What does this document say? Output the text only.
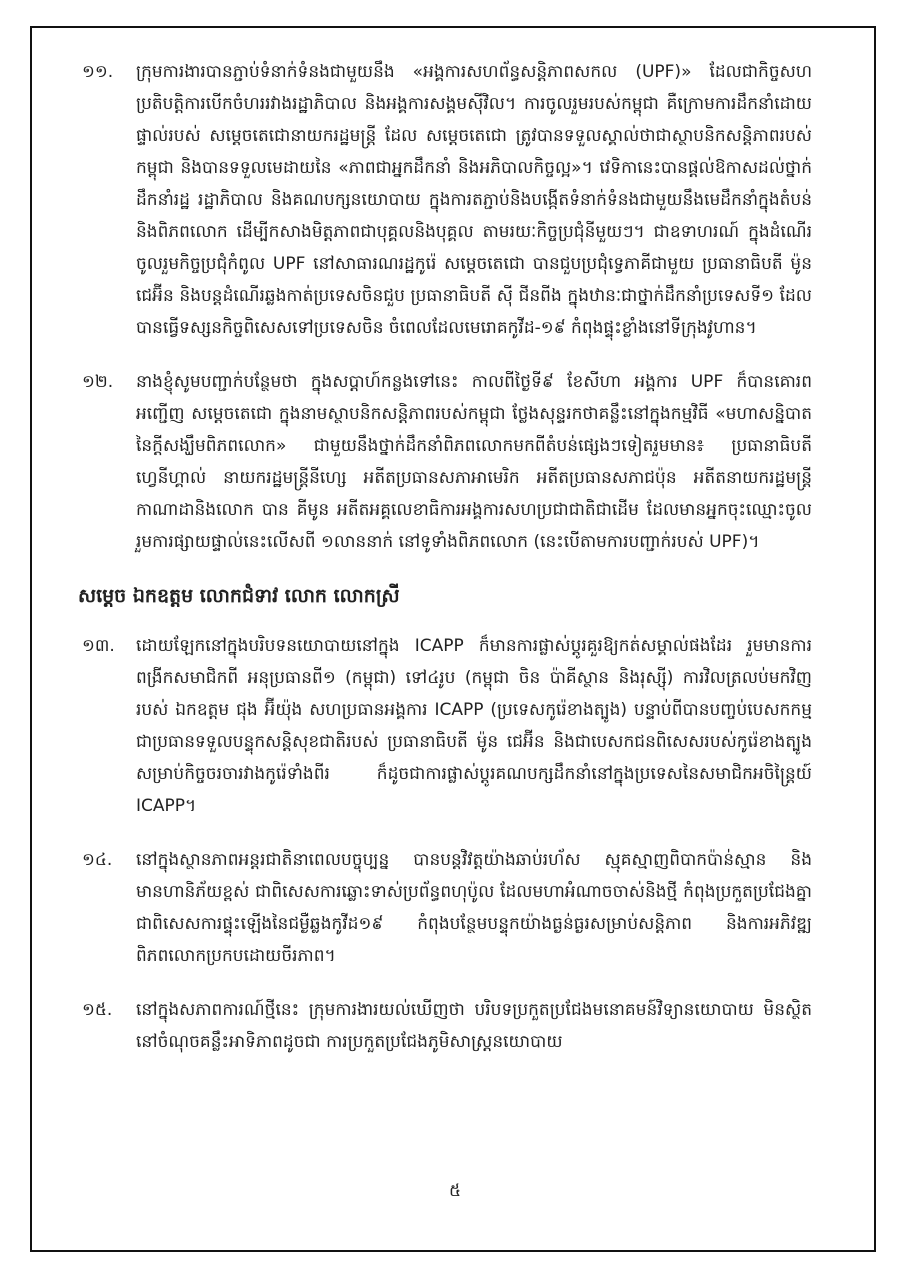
១១.	ក្រុមការងារបានភ្ជាប់ទំនាក់ទំនងជាមួយនឹង «អង្គការសហព័ន្ធសន្តិភាពសកល (UPF)» ដែលជាកិច្ចសហប្រតិបត្តិការបើកចំហររវាងរដ្ឋាភិបាល និងអង្គការសង្គមស៊ីវិល។ ការចូលរួមរបស់កម្ពុជា គឺក្រោមការដឹកនាំដោយផ្ទាល់របស់ សម្តេចតេជោនាយករដ្ឋមន្ត្រី ដែល សម្តេចតេជោ ត្រូវបានទទួលស្គាល់ថាជាស្ថាបនិកសន្តិភាពរបស់កម្ពុជា និងបានទទួលមេដាយនៃ «ភាពជាអ្នកដឹកនាំ និងអភិបាលកិច្ចល្អ»។ វេទិកានេះបានផ្តល់ឱកាសដល់ថ្នាក់ដឹកនាំរដ្ឋ រដ្ឋាភិបាល និងគណបក្សនយោបាយ ក្នុងការតភ្ជាប់និងបង្កើតទំនាក់ទំនងជាមួយនឹងមេដឹកនាំក្នុងតំបន់ និងពិភពលោក ដើម្បីកសាងមិត្តភាពជាបុគ្គលនិងបុគ្គល តាមរយៈកិច្ចប្រជុំនីមួយៗ។ ជាឧទាហរណ៍ ក្នុងដំណើរចូលរួមកិច្ចប្រជុំកំពូល UPF នៅសាធារណរដ្ឋកូរ៉េ សម្តេចតេជោ បានជួបប្រជុំទ្វេភាគីជាមួយ ប្រធានាធិបតី ម៉ូន ជេអ៊ីន និងបន្តដំណើរឆ្លងកាត់ប្រទេសចិនជួប ប្រធានាធិបតី ស៊ី ជីនពីង ក្នុងឋានៈជាថ្នាក់ដឹកនាំប្រទេសទី១ ដែលបានធ្វើទស្សនកិច្ចពិសេសទៅប្រទេសចិន ចំពេលដែលមេរោគកូវីដ-១៩ កំពុងផ្ទុះខ្លាំងនៅទីក្រុងវូហាន។
១២.	នាងខ្ញុំសូមបញ្ជាក់បន្ថែមថា ក្នុងសប្តាហ៍កន្លងទៅនេះ កាលពីថ្ងៃទី៩ ខែសីហា អង្គការ UPF ក៏បានគោរពអញ្ជើញ សម្តេចតេជោ ក្នុងនាមស្ថាបនិកសន្តិភាពរបស់កម្ពុជា ថ្លែងសុន្ទរកថាគន្លឹះនៅក្នុងកម្មវិធី «មហាសន្និបាតនៃក្តីសង្ឃឹមពិភពលោក» ជាមួយនឹងថ្នាក់ដឹកនាំពិភពលោកមកពីតំបន់ផ្សេងៗទៀតរួមមាន៖ ប្រធានាធិបតីហ្វេនីហ្គាល់ នាយករដ្ឋមន្ត្រីនីហ្សេ អតីតប្រធានសភាអាមេរិក អតីតប្រធានសភាជប៉ុន អតីតនាយករដ្ឋមន្ត្រីកាណាដានិងលោក បាន គីមូន អតីតអគ្គលេខាធិការអង្គការសហប្រជាជាតិជាដើម ដែលមានអ្នកចុះឈ្មោះចូលរួមការផ្សាយផ្ទាល់នេះលើសពី ១លាននាក់ នៅទូទាំងពិភពលោក (នេះបើតាមការបញ្ជាក់របស់ UPF)។
សម្តេច ឯកឧត្តម លោកជំទាវ លោក លោកស្រី
១៣.	ដោយឡែកនៅក្នុងបរិបទនយោបាយនៅក្នុង ICAPP ក៏មានការផ្លាស់ប្តូរគួរឱ្យកត់សម្គាល់ផងដែរ រួមមានការពង្រីកសមាជិកពី អនុប្រធានពី១ (កម្ពុជា) ទៅ៤រូប (កម្ពុជា ចិន ប៉ាគីស្ថាន និងរុស្ស៊ី) ការវិលត្រលប់មកវិញរបស់ ឯកឧត្តម ជុង អ៊ីយ៉ុង សហប្រធានអង្គការ ICAPP (ប្រទេសកូរ៉េខាងត្បូង) បន្ទាប់ពីបានបញ្ចប់បេសកកម្មជាប្រធានទទួលបន្ទុកសន្តិសុខជាតិរបស់ ប្រធានាធិបតី ម៉ូន ជេអ៊ីន និងជាបេសកជនពិសេសរបស់កូរ៉េខាងត្បូងសម្រាប់កិច្ចចរចារវាងកូរ៉េទាំងពីរ ក៏ដូចជាការផ្លាស់ប្តូរគណបក្សដឹកនាំនៅក្នុងប្រទេសនៃសមាជិកអចិន្ត្រៃយ៍ ICAPP។
១៤.	នៅក្នុងស្ថានភាពអន្តរជាតិនាពេលបច្ចុប្បន្ន បានបន្តវិវត្តយ៉ាងឆាប់រហ័ស ស្មុគស្មាញពិបាកប៉ាន់ស្មាន និងមានហានិភ័យខ្ពស់ ជាពិសេសការឆ្លោះទាស់ប្រព័ន្ធពហុប៉ូល ដែលមហាអំណាចចាស់និងថ្មី កំពុងប្រកួតប្រជែងគ្នា ជាពិសេសការផ្ទុះឡើងនៃជម្ងឺឆ្លងកូវីដ១៩ កំពុងបន្ថែមបន្ទុកយ៉ាងធ្ងន់ធ្ងរសម្រាប់សន្តិភាព និងការអភិវឌ្ឍពិភពលោកប្រកបដោយចីរភាព។
១៥.	នៅក្នុងសភាពការណ៍ថ្មីនេះ ក្រុមការងារយល់ឃើញថា បរិបទប្រកួតប្រជែងមនោគមន៍វិទ្យានយោបាយ មិនស្ថិតនៅចំណុចគន្លឹះអាទិភាពដូចជា ការប្រកួតប្រជែងភូមិសាស្ត្រនយោបាយ
៥
